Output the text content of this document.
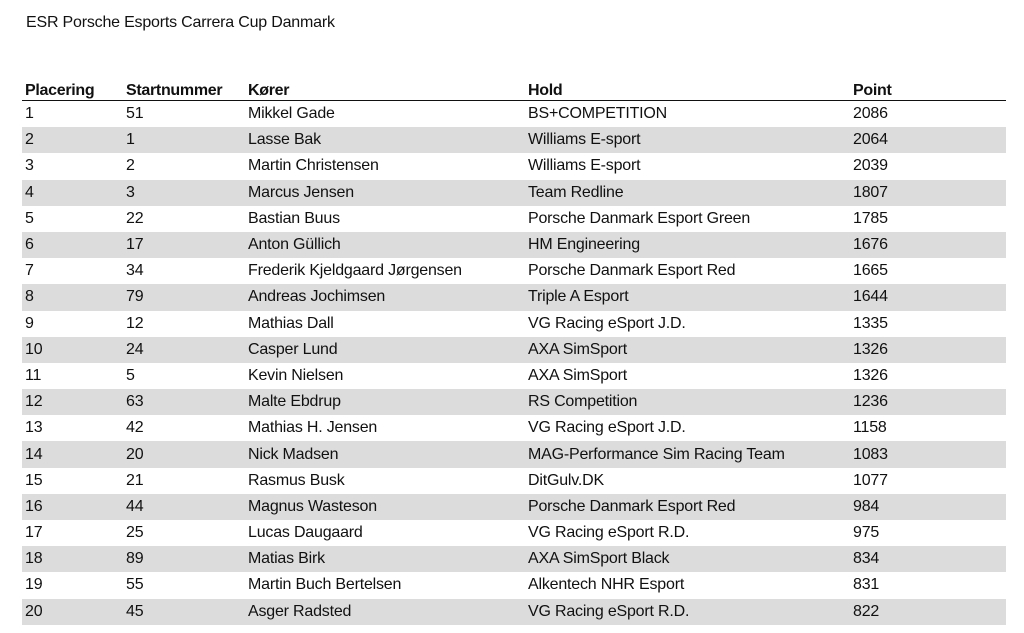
ESR Porsche Esports Carrera Cup Danmark
Placering	Startnummer	Kører	Hold	Point
1	51	Mikkel Gade	BS+COMPETITION	2086
2	1	Lasse Bak	Williams E-sport	2064
3	2	Martin Christensen	Williams E-sport	2039
4	3	Marcus Jensen	Team Redline	1807
5	22	Bastian Buus	Porsche Danmark Esport Green	1785
6	17	Anton Güllich	HM Engineering	1676
7	34	Frederik Kjeldgaard Jørgensen	Porsche Danmark Esport Red	1665
8	79	Andreas Jochimsen	Triple A Esport	1644
9	12	Mathias Dall	VG Racing eSport J.D.	1335
10	24	Casper Lund	AXA SimSport	1326
11	5	Kevin Nielsen	AXA SimSport	1326
12	63	Malte Ebdrup	RS Competition	1236
13	42	Mathias H. Jensen	VG Racing eSport J.D.	1158
14	20	Nick Madsen	MAG-Performance Sim Racing Team	1083
15	21	Rasmus Busk	DitGulv.DK	1077
16	44	Magnus Wasteson	Porsche Danmark Esport Red	984
17	25	Lucas Daugaard	VG Racing eSport R.D.	975
18	89	Matias Birk	AXA SimSport Black	834
19	55	Martin Buch Bertelsen	Alkentech NHR Esport	831
20	45	Asger Radsted	VG Racing eSport R.D.	822
